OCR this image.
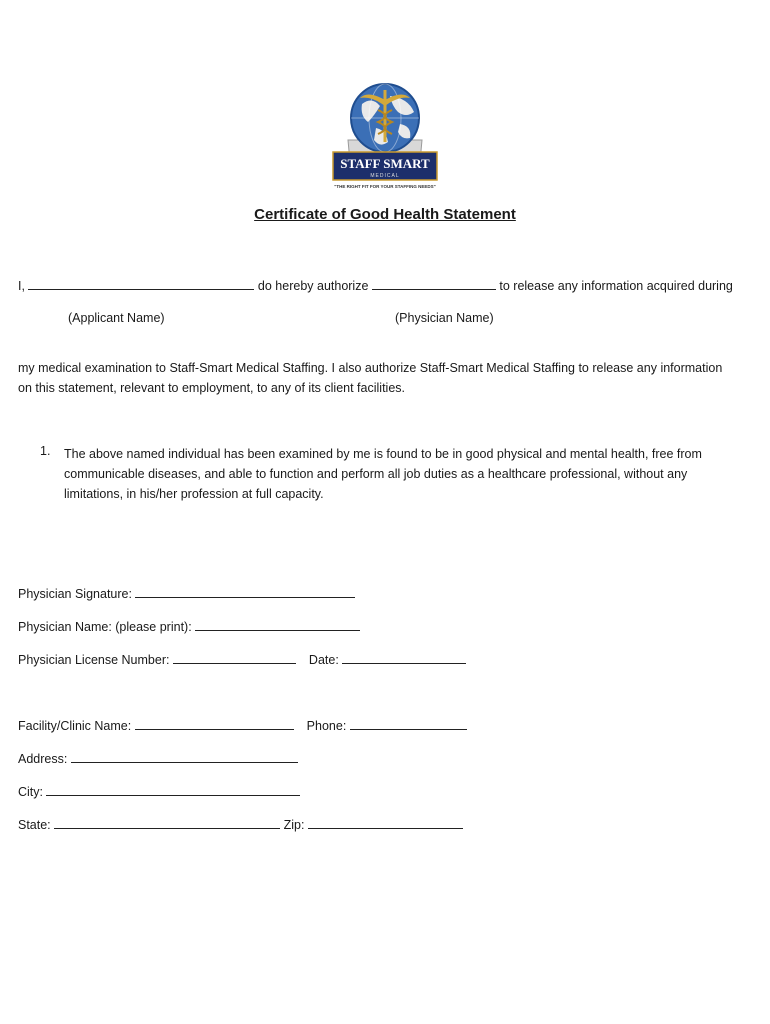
STAFF SMART
MEDICAL
"THE RIGHT FIT FOR YOUR STAFFING NEEDS"
Certificate of Good Health Statement
I,	do hereby authorize	to release any information acquired during
(Applicant Name)	(Physician Name)
my medical examination to Staff-Smart Medical Staffing. I also authorize Staff-Smart Medical Staffing to release any information
on this statement, relevant to employment, to any of its client facilities.
1. The above named individual has been examined by me is found to be in good physical and mental health, free from
communicable diseases, and able to function and perform all job duties as a healthcare professional, without any
limitations, in his/her profession at full capacity.
Physician Signature:
Physician Name: (please print):
Physician License Number:	Date:
Facility/Clinic Name:	Phone:
Address:
City:
State:	Zip:
